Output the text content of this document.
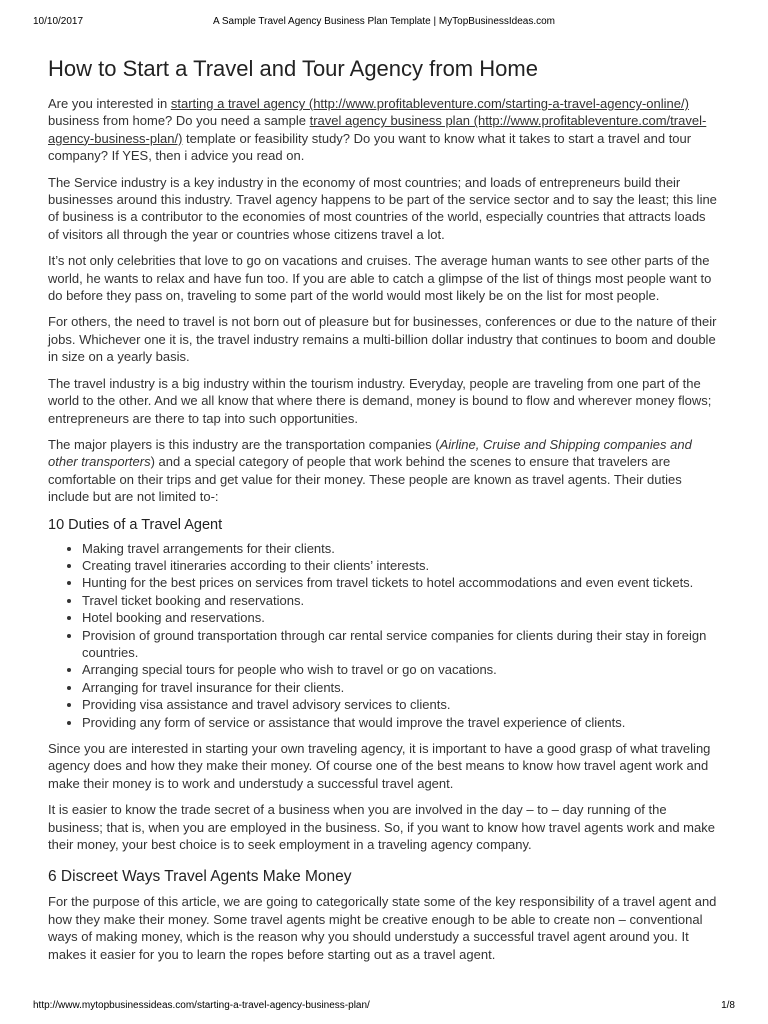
10/10/2017	A Sample Travel Agency Business Plan Template | MyTopBusinessIdeas.com
How to Start a Travel and Tour Agency from Home

Are you interested in starting a travel agency (http://www.profitableventure.com/starting-a-travel-agency-online/) business from home? Do you need a sample travel agency business plan (http://www.profitableventure.com/travel-agency-business-plan/) template or feasibility study? Do you want to know what it takes to start a travel and tour company? If YES, then i advice you read on.

The Service industry is a key industry in the economy of most countries; and loads of entrepreneurs build their businesses around this industry. Travel agency happens to be part of the service sector and to say the least; this line of business is a contributor to the economies of most countries of the world, especially countries that attracts loads of visitors all through the year or countries whose citizens travel a lot.

It’s not only celebrities that love to go on vacations and cruises. The average human wants to see other parts of the world, he wants to relax and have fun too. If you are able to catch a glimpse of the list of things most people want to do before they pass on, traveling to some part of the world would most likely be on the list for most people.

For others, the need to travel is not born out of pleasure but for businesses, conferences or due to the nature of their jobs. Whichever one it is, the travel industry remains a multi-billion dollar industry that continues to boom and double in size on a yearly basis.

The travel industry is a big industry within the tourism industry. Everyday, people are traveling from one part of the world to the other. And we all know that where there is demand, money is bound to flow and wherever money flows; entrepreneurs are there to tap into such opportunities.

The major players is this industry are the transportation companies (Airline, Cruise and Shipping companies and other transporters) and a special category of people that work behind the scenes to ensure that travelers are comfortable on their trips and get value for their money. These people are known as travel agents. Their duties include but are not limited to-:

10 Duties of a Travel Agent
• Making travel arrangements for their clients.
• Creating travel itineraries according to their clients’ interests.
• Hunting for the best prices on services from travel tickets to hotel accommodations and even event tickets.
• Travel ticket booking and reservations.
• Hotel booking and reservations.
• Provision of ground transportation through car rental service companies for clients during their stay in foreign countries.
• Arranging special tours for people who wish to travel or go on vacations.
• Arranging for travel insurance for their clients.
• Providing visa assistance and travel advisory services to clients.
• Providing any form of service or assistance that would improve the travel experience of clients.

Since you are interested in starting your own traveling agency, it is important to have a good grasp of what traveling agency does and how they make their money. Of course one of the best means to know how travel agent work and make their money is to work and understudy a successful travel agent.

It is easier to know the trade secret of a business when you are involved in the day – to – day running of the business; that is, when you are employed in the business. So, if you want to know how travel agents work and make their money, your best choice is to seek employment in a traveling agency company.

6 Discreet Ways Travel Agents Make Money

For the purpose of this article, we are going to categorically state some of the key responsibility of a travel agent and how they make their money. Some travel agents might be creative enough to be able to create non – conventional ways of making money, which is the reason why you should understudy a successful travel agent around you. It makes it easier for you to learn the ropes before starting out as a travel agent.

http://www.mytopbusinessideas.com/starting-a-travel-agency-business-plan/	1/8
